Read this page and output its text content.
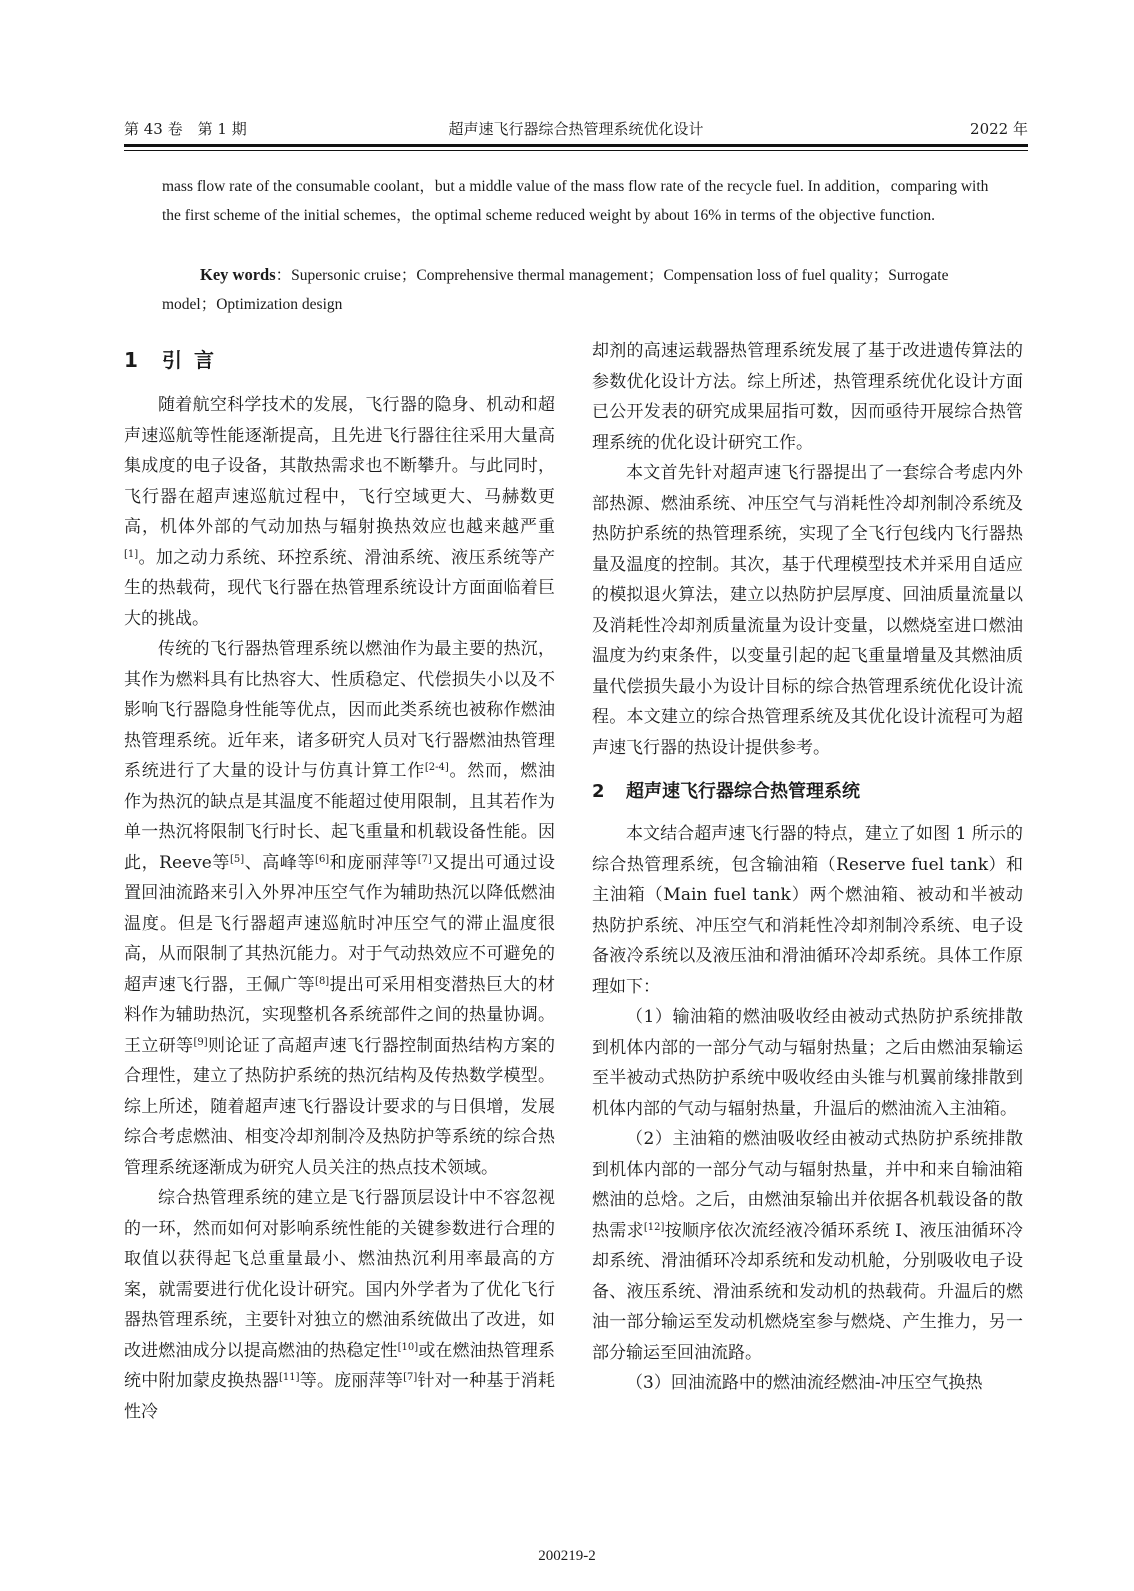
第 43 卷　第 1 期	超声速飞行器综合热管理系统优化设计	2022 年

mass flow rate of the consumable coolant，but a middle value of the mass flow rate of the recycle fuel. In addition，comparing with the first scheme of the initial schemes，the optimal scheme reduced weight by about 16% in terms of the objective function.

Key words：Supersonic cruise；Comprehensive thermal management；Compensation loss of fuel quality；Surrogate model；Optimization design

1 引言

随着航空科学技术的发展，飞行器的隐身、机动和超声速巡航等性能逐渐提高，且先进飞行器往往采用大量高集成度的电子设备，其散热需求也不断攀升。与此同时，飞行器在超声速巡航过程中，飞行空域更大、马赫数更高，机体外部的气动加热与辐射换热效应也越来越严重[1]。加之动力系统、环控系统、滑油系统、液压系统等产生的热载荷，现代飞行器在热管理系统设计方面面临着巨大的挑战。

传统的飞行器热管理系统以燃油作为最主要的热沉，其作为燃料具有比热容大、性质稳定、代偿损失小以及不影响飞行器隐身性能等优点，因而此类系统也被称作燃油热管理系统。近年来，诸多研究人员对飞行器燃油热管理系统进行了大量的设计与仿真计算工作[2-4]。然而，燃油作为热沉的缺点是其温度不能超过使用限制，且其若作为单一热沉将限制飞行时长、起飞重量和机载设备性能。因此，Reeve等[5]、高峰等[6]和庞丽萍等[7]又提出可通过设置回油流路来引入外界冲压空气作为辅助热沉以降低燃油温度。但是飞行器超声速巡航时冲压空气的滞止温度很高，从而限制了其热沉能力。对于气动热效应不可避免的超声速飞行器，王佩广等[8]提出可采用相变潜热巨大的材料作为辅助热沉，实现整机各系统部件之间的热量协调。王立研等[9]则论证了高超声速飞行器控制面热结构方案的合理性，建立了热防护系统的热沉结构及传热数学模型。综上所述，随着超声速飞行器设计要求的与日俱增，发展综合考虑燃油、相变冷却剂制冷及热防护等系统的综合热管理系统逐渐成为研究人员关注的热点技术领域。

综合热管理系统的建立是飞行器顶层设计中不容忽视的一环，然而如何对影响系统性能的关键参数进行合理的取值以获得起飞总重量最小、燃油热沉利用率最高的方案，就需要进行优化设计研究。国内外学者为了优化飞行器热管理系统，主要针对独立的燃油系统做出了改进，如改进燃油成分以提高燃油的热稳定性[10]或在燃油热管理系统中附加蒙皮换热器[11]等。庞丽萍等[7]针对一种基于消耗性冷

却剂的高速运载器热管理系统发展了基于改进遗传算法的参数优化设计方法。综上所述，热管理系统优化设计方面已公开发表的研究成果屈指可数，因而亟待开展综合热管理系统的优化设计研究工作。

本文首先针对超声速飞行器提出了一套综合考虑内外部热源、燃油系统、冲压空气与消耗性冷却剂制冷系统及热防护系统的热管理系统，实现了全飞行包线内飞行器热量及温度的控制。其次，基于代理模型技术并采用自适应的模拟退火算法，建立以热防护层厚度、回油质量流量以及消耗性冷却剂质量流量为设计变量，以燃烧室进口燃油温度为约束条件，以变量引起的起飞重量增量及其燃油质量代偿损失最小为设计目标的综合热管理系统优化设计流程。本文建立的综合热管理系统及其优化设计流程可为超声速飞行器的热设计提供参考。

2 超声速飞行器综合热管理系统

本文结合超声速飞行器的特点，建立了如图 1 所示的综合热管理系统，包含输油箱（Reserve fuel tank）和主油箱（Main fuel tank）两个燃油箱、被动和半被动热防护系统、冲压空气和消耗性冷却剂制冷系统、电子设备液冷系统以及液压油和滑油循环冷却系统。具体工作原理如下：

（1）输油箱的燃油吸收经由被动式热防护系统排散到机体内部的一部分气动与辐射热量；之后由燃油泵输运至半被动式热防护系统中吸收经由头锥与机翼前缘排散到机体内部的气动与辐射热量，升温后的燃油流入主油箱。

（2）主油箱的燃油吸收经由被动式热防护系统排散到机体内部的一部分气动与辐射热量，并中和来自输油箱燃油的总焓。之后，由燃油泵输出并依据各机载设备的散热需求[12]按顺序依次流经液冷循环系统 I、液压油循环冷却系统、滑油循环冷却系统和发动机舱，分别吸收电子设备、液压系统、滑油系统和发动机的热载荷。升温后的燃油一部分输运至发动机燃烧室参与燃烧、产生推力，另一部分输运至回油流路。

（3）回油流路中的燃油流经燃油-冲压空气换热

200219-2
